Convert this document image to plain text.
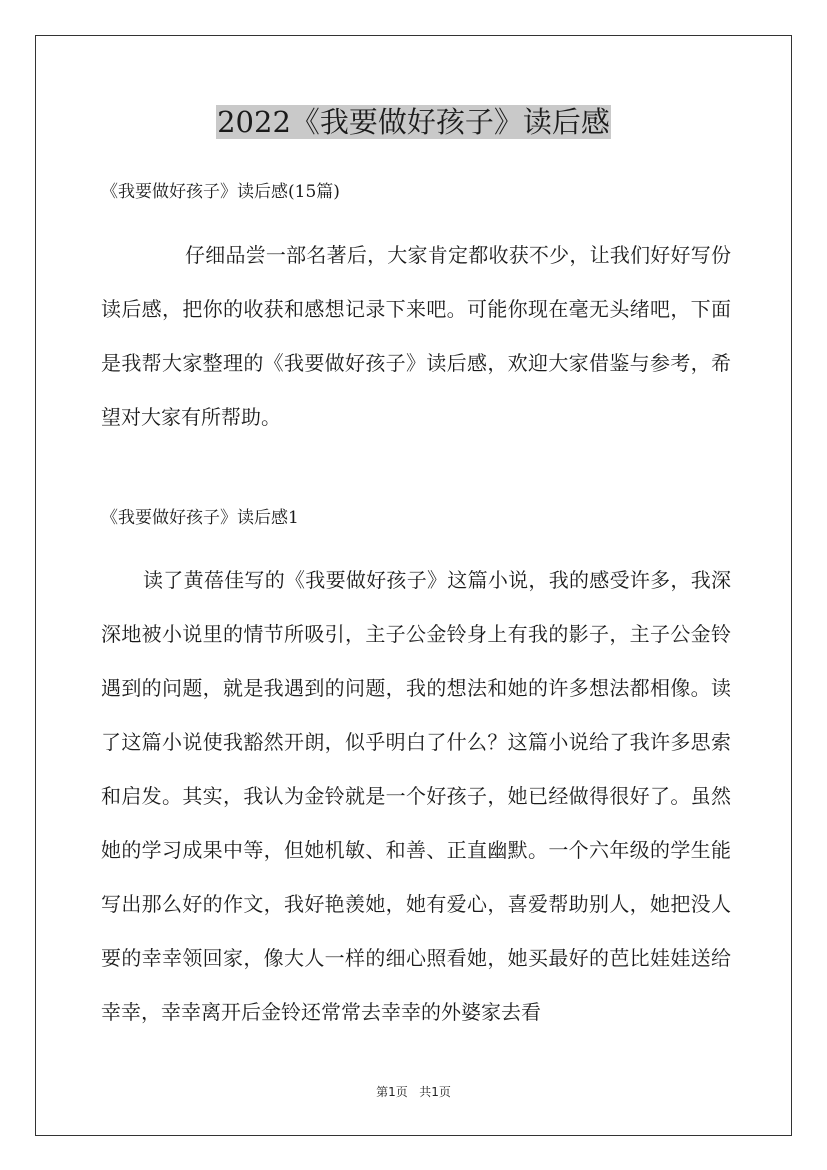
2022《我要做好孩子》读后感
《我要做好孩子》读后感(15篇)
仔细品尝一部名著后，大家肯定都收获不少，让我们好好写份读后感，把你的收获和感想记录下来吧。可能你现在毫无头绪吧，下面是我帮大家整理的《我要做好孩子》读后感，欢迎大家借鉴与参考，希望对大家有所帮助。
《我要做好孩子》读后感1
读了黄蓓佳写的《我要做好孩子》这篇小说，我的感受许多，我深深地被小说里的情节所吸引，主子公金铃身上有我的影子，主子公金铃遇到的问题，就是我遇到的问题，我的想法和她的许多想法都相像。读了这篇小说使我豁然开朗，似乎明白了什么？这篇小说给了我许多思索和启发。其实，我认为金铃就是一个好孩子，她已经做得很好了。虽然她的学习成果中等，但她机敏、和善、正直幽默。一个六年级的学生能写出那么好的作文，我好艳羡她，她有爱心，喜爱帮助别人，她把没人要的幸幸领回家，像大人一样的细心照看她，她买最好的芭比娃娃送给幸幸，幸幸离开后金铃还常常去幸幸的外婆家去看
第1页 共1页
